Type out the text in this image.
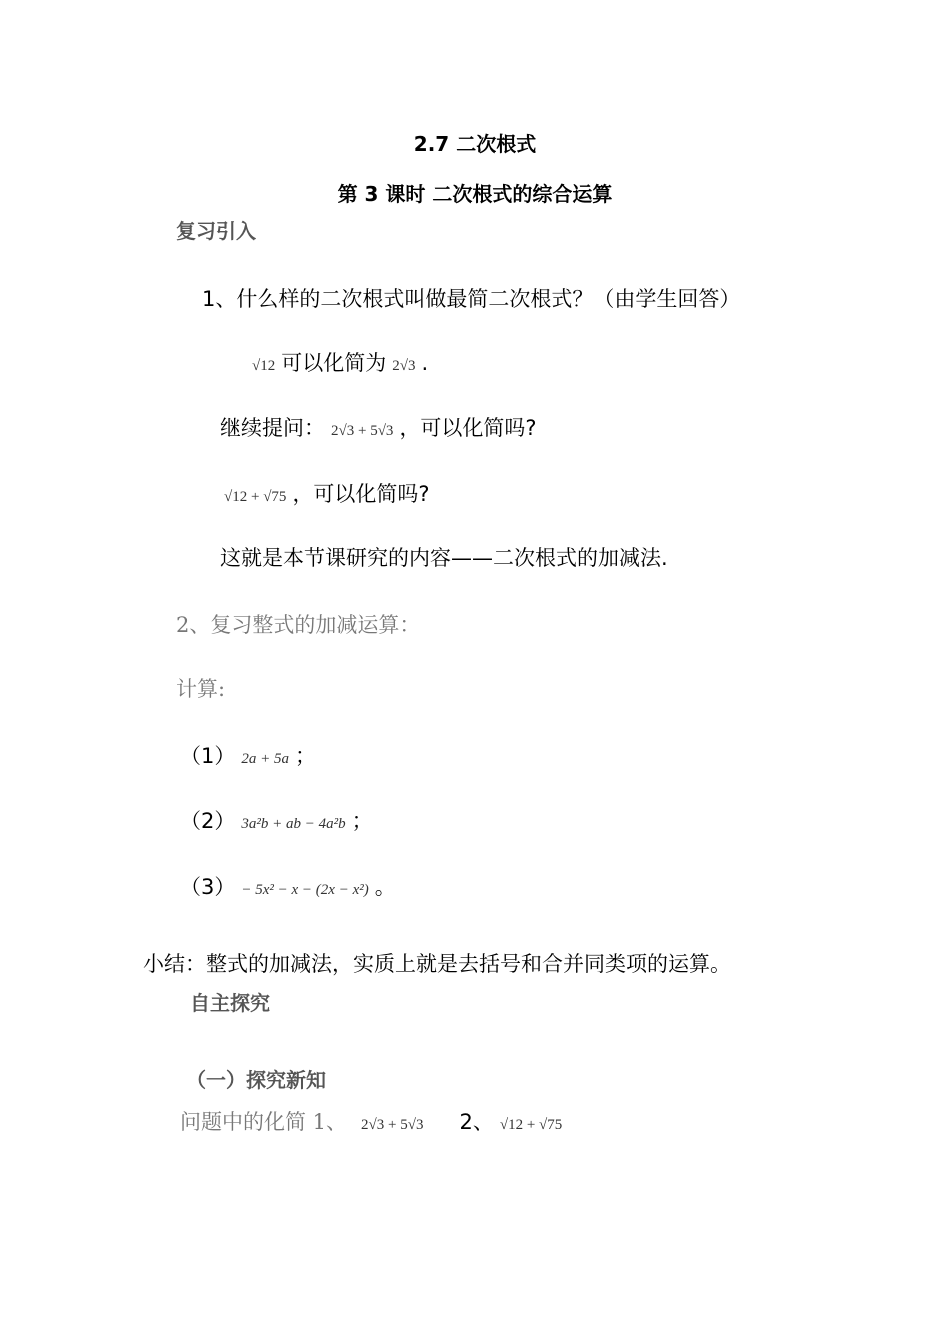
2.7 二次根式
第 3 课时 二次根式的综合运算
复习引入
1、什么样的二次根式叫做最简二次根式？（由学生回答）
√12 可以化简为 2√3 .
继续提问： 2√3 + 5√3 ，可以化简吗?
√12 + √75 ，可以化简吗?
这就是本节课研究的内容——二次根式的加减法.
2、复习整式的加减运算：
计算:
（1） 2a + 5a ；
（2） 3a²b + ab − 4a²b ；
（3） − 5x² − x − (2x − x²) 。
小结：整式的加减法，实质上就是去括号和合并同类项的运算。
自主探究
（一）探究新知
问题中的化简 1、 2√3 + 5√3 2、 √12 + √75
